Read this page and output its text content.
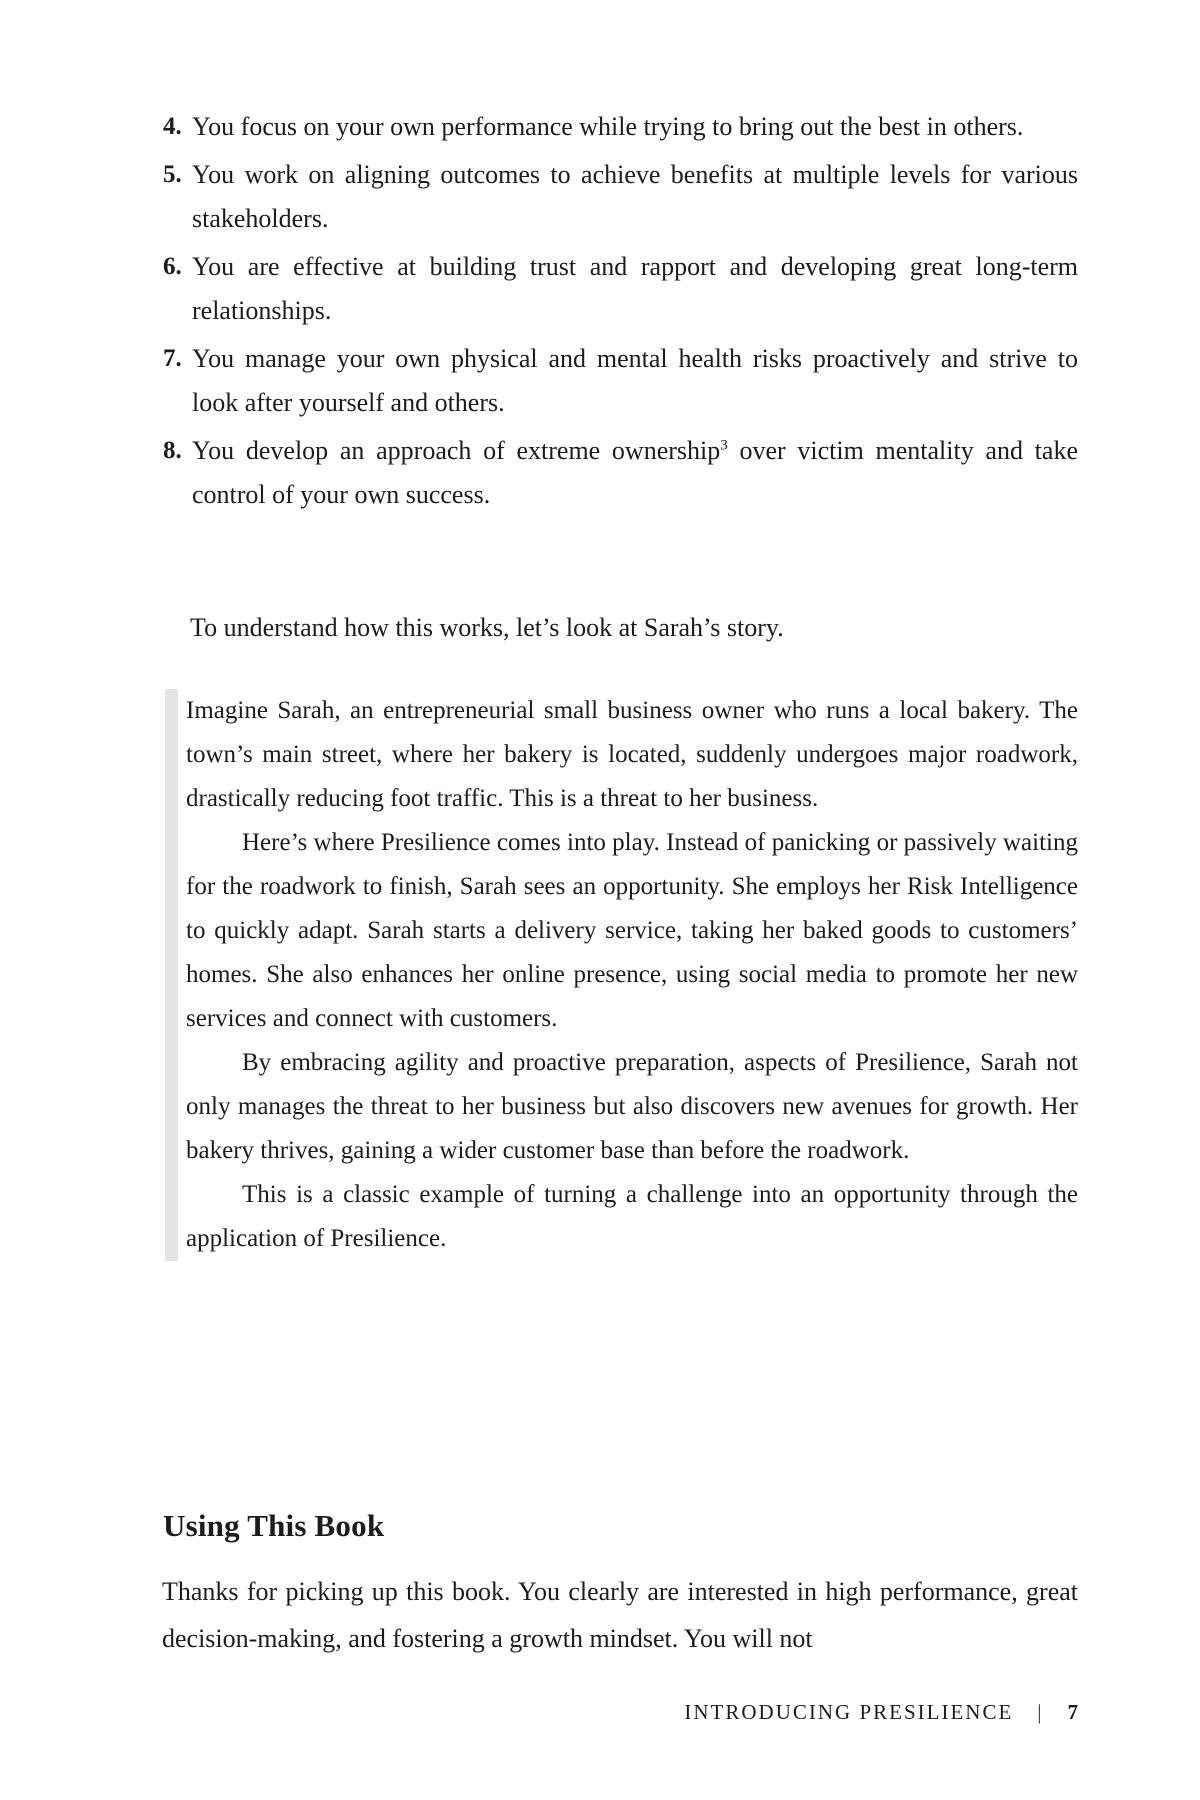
4. You focus on your own performance while trying to bring out the best in others.
5. You work on aligning outcomes to achieve benefits at multiple levels for various stakeholders.
6. You are effective at building trust and rapport and developing great long-term relationships.
7. You manage your own physical and mental health risks proactively and strive to look after yourself and others.
8. You develop an approach of extreme ownership$^3$ over victim mentality and take control of your own success.
To understand how this works, let’s look at Sarah’s story.

Imagine Sarah, an entrepreneurial small business owner who runs a local bakery. The town’s main street, where her bakery is located, suddenly undergoes major roadwork, drastically reducing foot traffic. This is a threat to her business.

Here’s where Presilience comes into play. Instead of panicking or passively waiting for the roadwork to finish, Sarah sees an opportunity. She employs her Risk Intelligence to quickly adapt. Sarah starts a delivery service, taking her baked goods to customers’ homes. She also enhances her online presence, using social media to promote her new services and connect with customers.

By embracing agility and proactive preparation, aspects of Presilience, Sarah not only manages the threat to her business but also discovers new avenues for growth. Her bakery thrives, gaining a wider customer base than before the roadwork.

This is a classic example of turning a challenge into an opportunity through the application of Presilience.

Using This Book
Thanks for picking up this book. You clearly are interested in high performance, great decision-making, and fostering a growth mindset. You will not
INTRODUCING PRESILIENCE | 7
